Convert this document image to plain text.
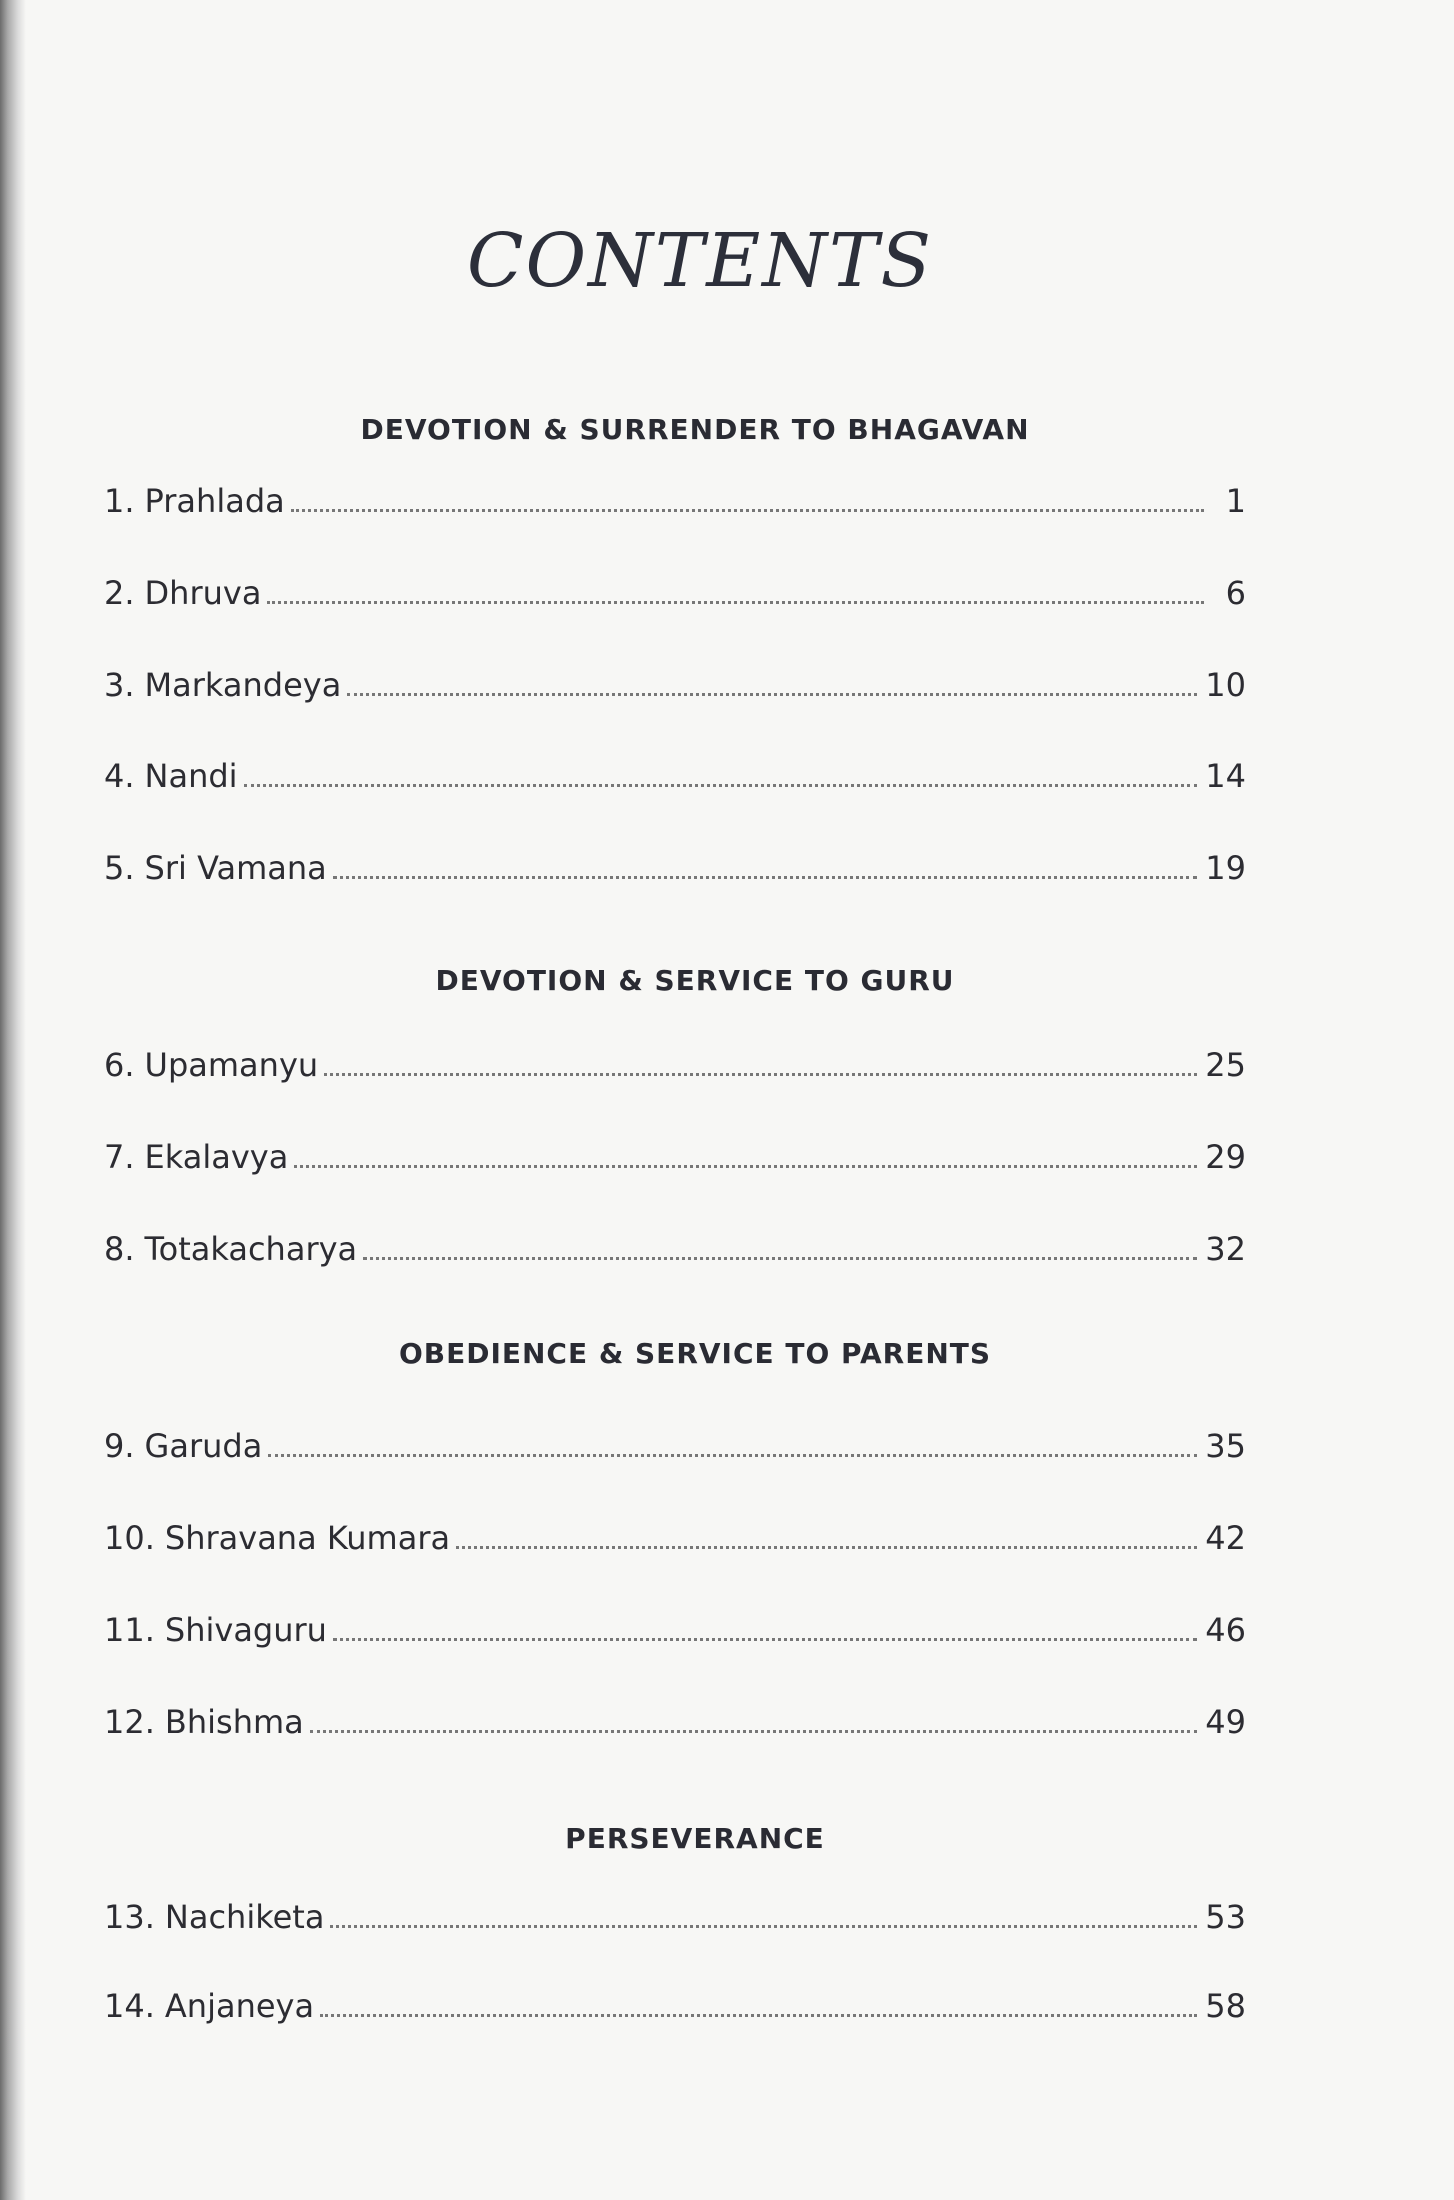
CONTENTS
DEVOTION & SURRENDER TO BHAGAVAN
1. Prahlada	1
2. Dhruva	6
3. Markandeya	10
4. Nandi	14
5. Sri Vamana	19
DEVOTION & SERVICE TO GURU
6. Upamanyu	25
7. Ekalavya	29
8. Totakacharya	32
OBEDIENCE & SERVICE TO PARENTS
9. Garuda	35
10. Shravana Kumara	42
11. Shivaguru	46
12. Bhishma	49
PERSEVERANCE
13. Nachiketa	53
14. Anjaneya	58
